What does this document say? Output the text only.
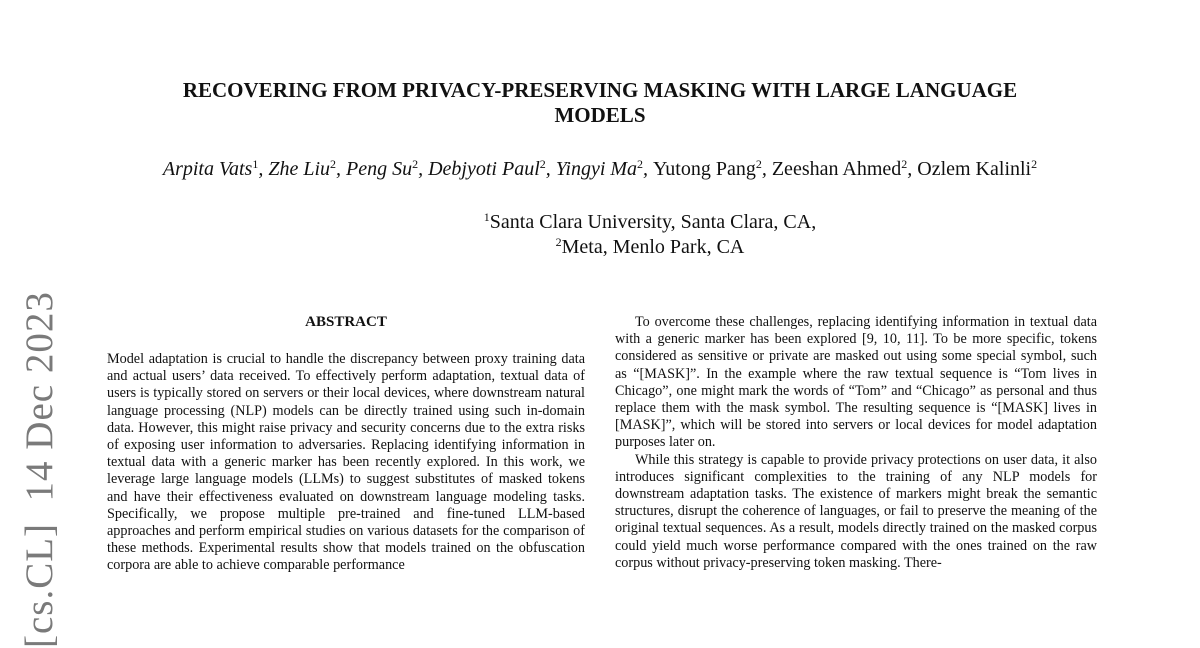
[cs.CL]  14 Dec 2023
RECOVERING FROM PRIVACY-PRESERVING MASKING WITH LARGE LANGUAGE
MODELS
Arpita Vats$^1$, Zhe Liu$^2$, Peng Su$^2$, Debjyoti Paul$^2$, Yingyi Ma$^2$, Yutong Pang$^2$, Zeeshan Ahmed$^2$, Ozlem Kalinli$^2$
$^1$Santa Clara University, Santa Clara, CA,
$^2$Meta, Menlo Park, CA
ABSTRACT

Model adaptation is crucial to handle the discrepancy between proxy training data and actual users’ data received. To effectively perform adaptation, textual data of users is typically stored on servers or their local devices, where downstream natural language processing (NLP) models can be directly trained using such in-domain data. However, this might raise privacy and security concerns due to the extra risks of exposing user information to adversaries. Replacing identifying information in textual data with a generic marker has been recently explored. In this work, we leverage large language models (LLMs) to suggest substitutes of masked tokens and have their effectiveness evaluated on downstream language modeling tasks. Specifically, we propose multiple pre-trained and fine-tuned LLM-based approaches and perform empirical studies on various datasets for the comparison of these methods. Experimental results show that models trained on the obfuscation corpora are able to achieve comparable performance

To overcome these challenges, replacing identifying information in textual data with a generic marker has been explored [9, 10, 11]. To be more specific, tokens considered as sensitive or private are masked out using some special symbol, such as “[MASK]”. In the example where the raw textual sequence is “Tom lives in Chicago”, one might mark the words of “Tom” and “Chicago” as personal and thus replace them with the mask symbol. The resulting sequence is “[MASK] lives in [MASK]”, which will be stored into servers or local devices for model adaptation purposes later on.

While this strategy is capable to provide privacy protections on user data, it also introduces significant complexities to the training of any NLP models for downstream adaptation tasks. The existence of markers might break the semantic structures, disrupt the coherence of languages, or fail to preserve the meaning of the original textual sequences. As a result, models directly trained on the masked corpus could yield much worse performance compared with the ones trained on the raw corpus without privacy-preserving token masking. There-
